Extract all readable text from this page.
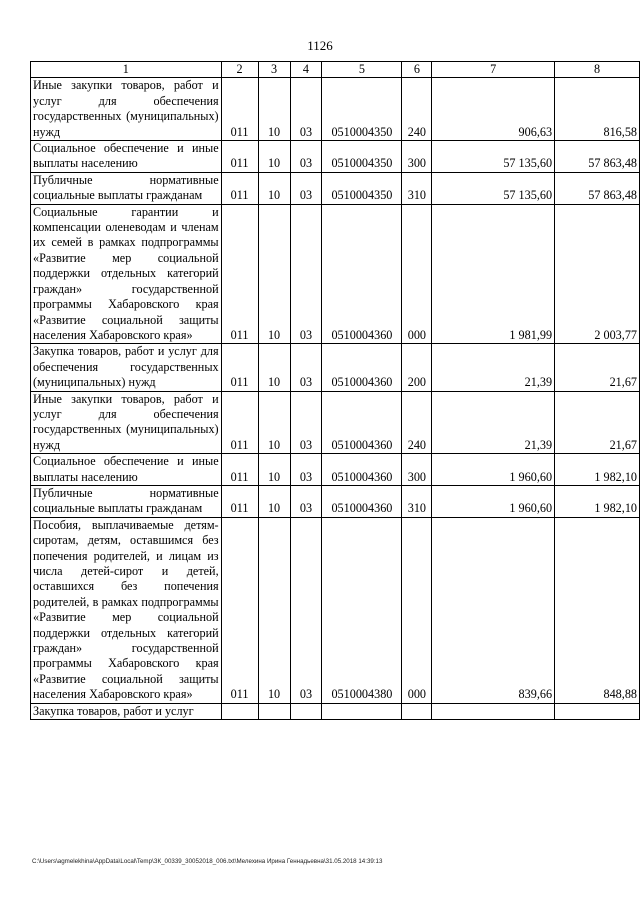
1126
1	2	3	4	5	6	7	8
Иные закупки товаров, работ и услуг для обеспечения государственных (муниципальных) нужд	011	10	03	0510004350	240	906,63	816,58
Социальное обеспечение и иные выплаты населению	011	10	03	0510004350	300	57 135,60	57 863,48
Публичные нормативные социальные выплаты гражданам	011	10	03	0510004350	310	57 135,60	57 863,48
Социальные гарантии и компенсации оленеводам и членам их семей в рамках подпрограммы «Развитие мер социальной поддержки отдельных категорий граждан» государственной программы Хабаровского края «Развитие социальной защиты населения Хабаровского края»	011	10	03	0510004360	000	1 981,99	2 003,77
Закупка товаров, работ и услуг для обеспечения государственных (муниципальных) нужд	011	10	03	0510004360	200	21,39	21,67
Иные закупки товаров, работ и услуг для обеспечения государственных (муниципальных) нужд	011	10	03	0510004360	240	21,39	21,67
Социальное обеспечение и иные выплаты населению	011	10	03	0510004360	300	1 960,60	1 982,10
Публичные нормативные социальные выплаты гражданам	011	10	03	0510004360	310	1 960,60	1 982,10
Пособия, выплачиваемые детям-сиротам, детям, оставшимся без попечения родителей, и лицам из числа детей-сирот и детей, оставшихся без попечения родителей, в рамках подпрограммы «Развитие мер социальной поддержки отдельных категорий граждан» государственной программы Хабаровского края «Развитие социальной защиты населения Хабаровского края»	011	10	03	0510004380	000	839,66	848,88
Закупка товаров, работ и услуг							
C:\Users\agmelekhina\AppData\Local\Temp\ЗК_00339_30052018_006.txt\Мелехина Ирина Геннадьевна\31.05.2018 14:39:13
